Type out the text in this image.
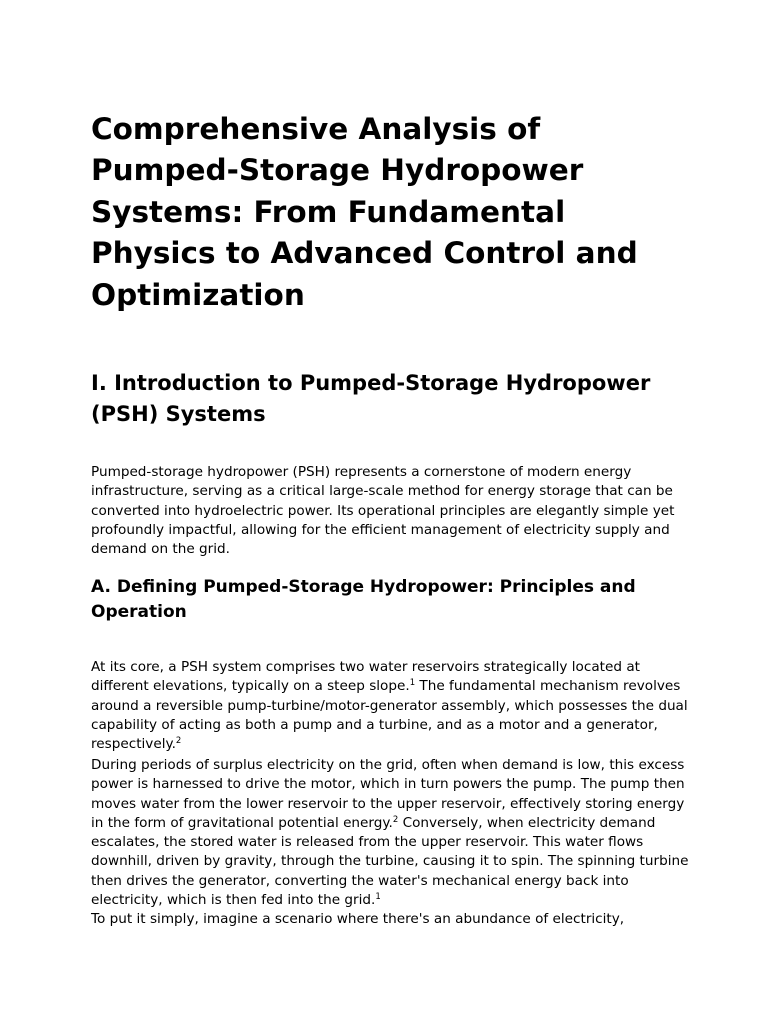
Comprehensive Analysis of Pumped-Storage Hydropower Systems: From Fundamental Physics to Advanced Control and Optimization
I. Introduction to Pumped-Storage Hydropower (PSH) Systems

Pumped-storage hydropower (PSH) represents a cornerstone of modern energy infrastructure, serving as a critical large-scale method for energy storage that can be converted into hydroelectric power. Its operational principles are elegantly simple yet profoundly impactful, allowing for the efficient management of electricity supply and demand on the grid.

A. Defining Pumped-Storage Hydropower: Principles and Operation

At its core, a PSH system comprises two water reservoirs strategically located at different elevations, typically on a steep slope.$^1$ The fundamental mechanism revolves around a reversible pump-turbine/motor-generator assembly, which possesses the dual capability of acting as both a pump and a turbine, and as a motor and a generator, respectively.$^2$

During periods of surplus electricity on the grid, often when demand is low, this excess power is harnessed to drive the motor, which in turn powers the pump. The pump then moves water from the lower reservoir to the upper reservoir, effectively storing energy in the form of gravitational potential energy.$^2$ Conversely, when electricity demand escalates, the stored water is released from the upper reservoir. This water flows downhill, driven by gravity, through the turbine, causing it to spin. The spinning turbine then drives the generator, converting the water's mechanical energy back into electricity, which is then fed into the grid.$^1$

To put it simply, imagine a scenario where there's an abundance of electricity,
